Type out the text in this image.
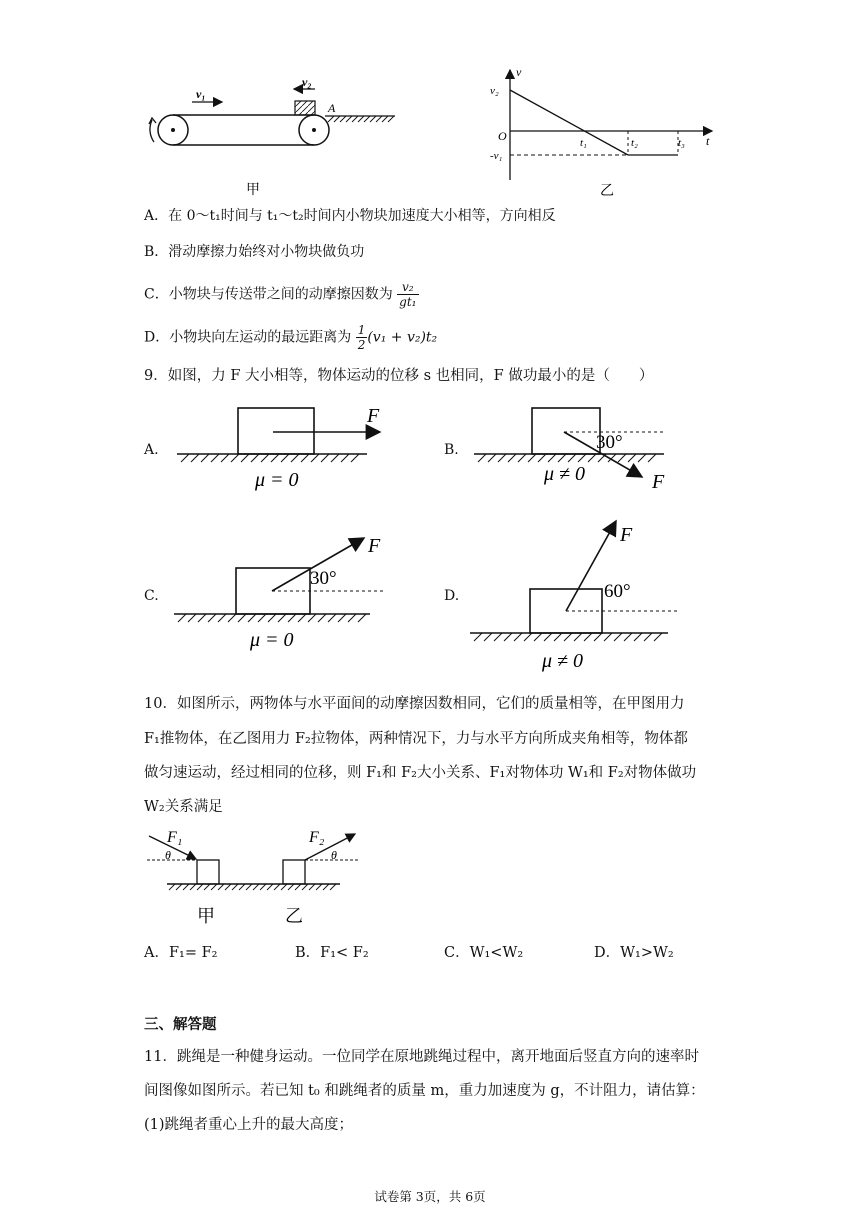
v₁
v₂
A
甲
v
t
O
v₂
-v₁
t₁	t₂	t₃
乙
A．在 0～t₁时间与 t₁～t₂时间内小物块加速度大小相等，方向相反
B．滑动摩擦力始终对小物块做负功
C．小物块与传送带之间的动摩擦因数为 $\frac{\text{v₂}}{\text{gt₁}}$
D．小物块向左运动的最远距离为 $\frac{1}{2} (v_1 + v_2)t_2$
9．如图，力 F 大小相等，物体运动的位移 s 也相同，F 做功最小的是（　　）
A.
F
μ = 0
B.	30°
F
μ ≠ 0
C.
30°
F
μ = 0
D.	60°
F
μ ≠ 0
10．如图所示，两物体与水平面间的动摩擦因数相同，它们的质量相等，在甲图用力
F₁推物体，在乙图用力 F₂拉物体，两种情况下，力与水平方向所成夹角相等，物体都
做匀速运动，经过相同的位移，则 F₁和 F₂大小关系、F₁对物体功 W₁和 F₂对物体做功
W₂关系满足
F₁
θ
F₂
θ
甲	乙
A．F₁= F₂	B．F₁< F₂	C．W₁<W₂	D．W₁>W₂
三、解答题
11．跳绳是一种健身运动。一位同学在原地跳绳过程中，离开地面后竖直方向的速率时
间图像如图所示。若已知 t₀ 和跳绳者的质量 m，重力加速度为 g，不计阻力，请估算：
(1)跳绳者重心上升的最大高度；
试卷第 3页，共 6页
